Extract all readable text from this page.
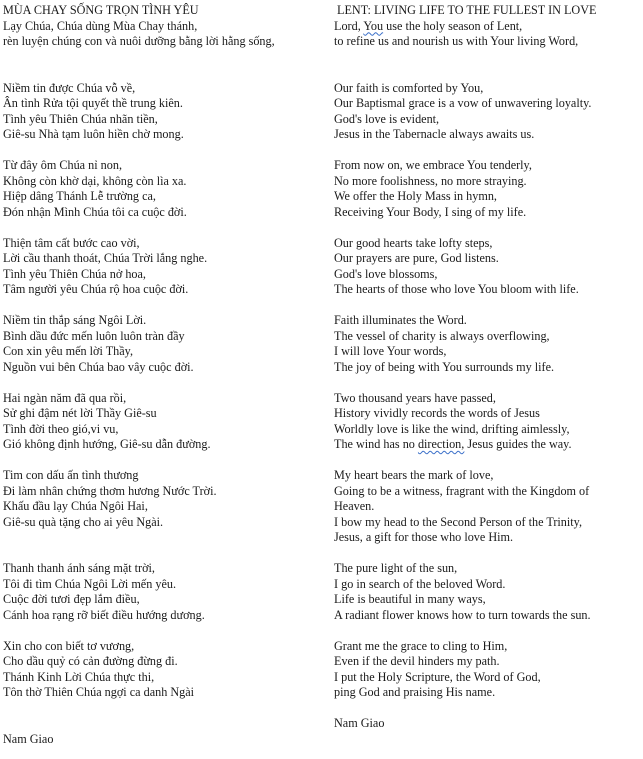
MÙA CHAY SỐNG TRỌN TÌNH YÊU
Lạy Chúa, Chúa dùng Mùa Chay thánh,
rèn luyện chúng con và nuôi dưỡng bằng lời hằng sống,
Niềm tin được Chúa vỗ về,
Ân tình Rửa tội quyết thề trung kiên.
Tình yêu Thiên Chúa nhãn tiền,
Giê-su Nhà tạm luôn hiền chờ mong.
Từ đây ôm Chúa nỉ non,
Không còn khờ dại, không còn lìa xa.
Hiệp dâng Thánh Lễ trường ca,
Đón nhận Mình Chúa tôi ca cuộc đời.
Thiện tâm cất bước cao vời,
Lời cầu thanh thoát, Chúa Trời lắng nghe.
Tình yêu Thiên Chúa nở hoa,
Tâm người yêu Chúa rộ hoa cuộc đời.
Niềm tin thắp sáng Ngôi Lời.
Bình dầu đức mến luôn luôn tràn đầy
Con xin yêu mến lời Thầy,
Nguồn vui bên Chúa bao vây cuộc đời.
Hai ngàn năm đã qua rồi,
Sử ghi đậm nét lời Thầy Giê-su
Tình đời theo gió,vi vu,
Gió không định hướng, Giê-su dẫn đường.
Tim con dấu ấn tình thương
Đi làm nhân chứng thơm hương Nước Trời.
Khấu đầu lạy Chúa Ngôi Hai,
Giê-su quà tặng cho ai yêu Ngài.
Thanh thanh ánh sáng mặt trời,
Tôi đi tìm Chúa Ngôi Lời mến yêu.
Cuộc đời tươi đẹp lắm điều,
Cánh hoa rạng rỡ biết điều hướng dương.
Xin cho con biết tơ vương,
Cho dầu quỷ có cản đường đừng đi.
Thánh Kinh Lời Chúa thực thi,
Tôn thờ Thiên Chúa ngợi ca danh Ngài
Nam Giao
LENT: LIVING LIFE TO THE FULLEST IN LOVE
Lord, You use the holy season of Lent,
to refine us and nourish us with Your living Word,
Our faith is comforted by You,
Our Baptismal grace is a vow of unwavering loyalty.
God's love is evident,
Jesus in the Tabernacle always awaits us.
From now on, we embrace You tenderly,
No more foolishness, no more straying.
We offer the Holy Mass in hymn,
Receiving Your Body, I sing of my life.
Our good hearts take lofty steps,
Our prayers are pure, God listens.
God's love blossoms,
The hearts of those who love You bloom with life.
Faith illuminates the Word.
The vessel of charity is always overflowing,
I will love Your words,
The joy of being with You surrounds my life.
Two thousand years have passed,
History vividly records the words of Jesus
Worldly love is like the wind, drifting aimlessly,
The wind has no direction, Jesus guides the way.
My heart bears the mark of love,
Going to be a witness, fragrant with the Kingdom of
Heaven.
I bow my head to the Second Person of the Trinity,
Jesus, a gift for those who love Him.
The pure light of the sun,
I go in search of the beloved Word.
Life is beautiful in many ways,
A radiant flower knows how to turn towards the sun.
Grant me the grace to cling to Him,
Even if the devil hinders my path.
I put the Holy Scripture, the Word of God,
ping God and praising His name.
Nam Giao
